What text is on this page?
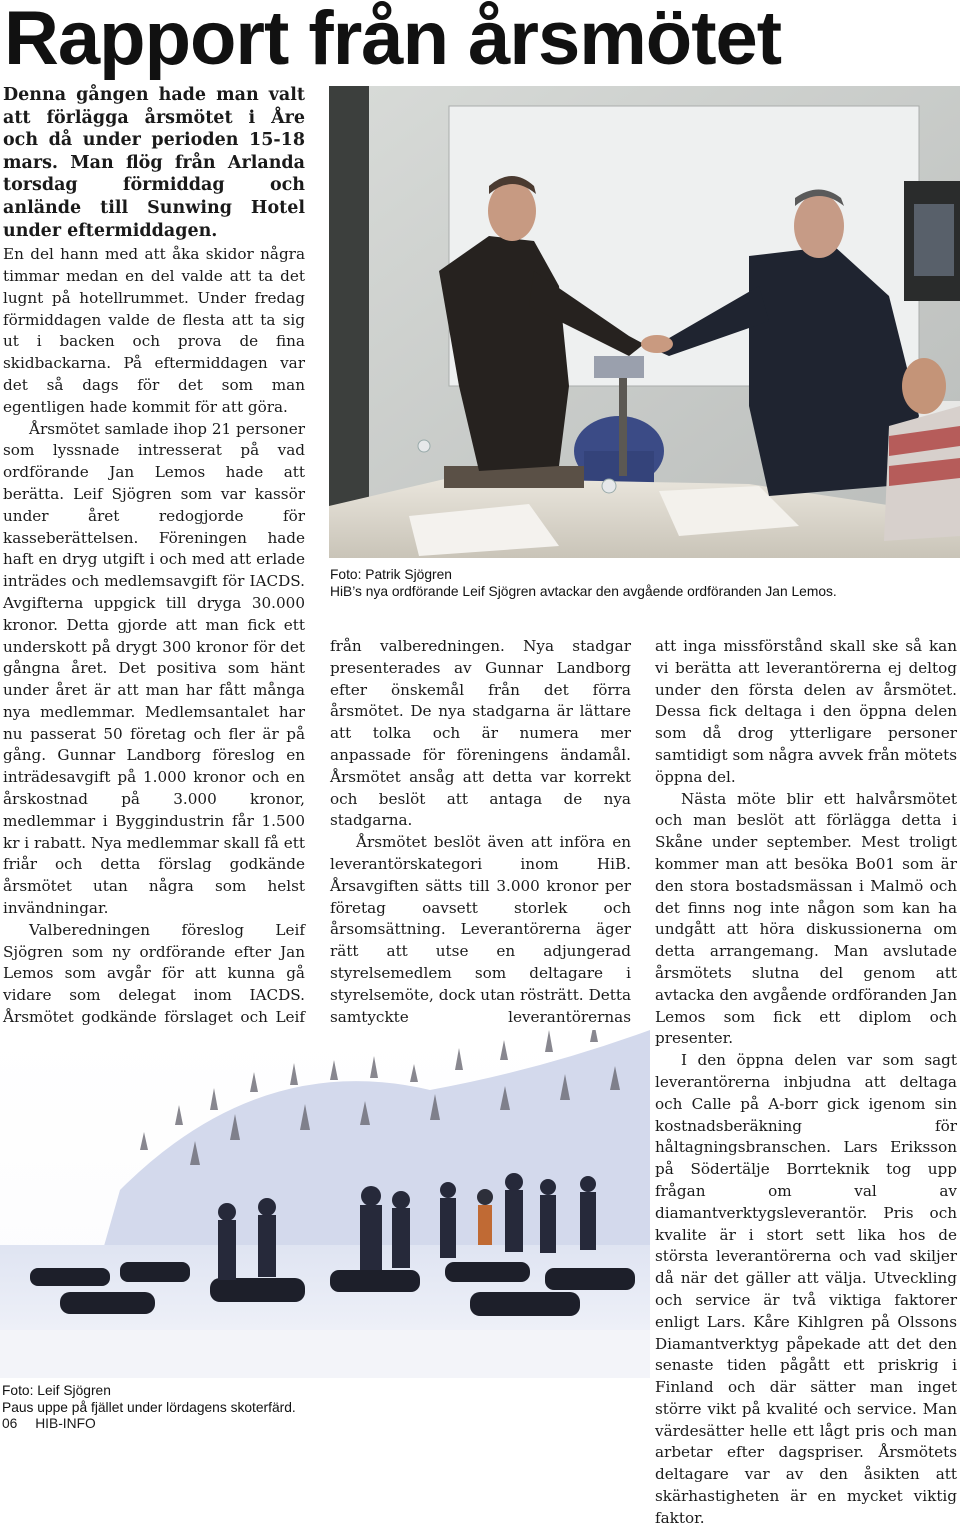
Rapport från årsmötet

Denna gången hade man valt att förlägga årsmötet i Åre och då under perioden 15-18 mars. Man flög från Arlanda torsdag förmiddag och anlände till Sunwing Hotel under eftermiddagen.

En del hann med att åka skidor några timmar medan en del valde att ta det lugnt på hotellrummet. Under fredag förmiddagen valde de flesta att ta sig ut i backen och prova de fina skidbackarna. På eftermiddagen var det så dags för det som man egentligen hade kommit för att göra.

Årsmötet samlade ihop 21 personer som lyssnade intresserat på vad ordförande Jan Lemos hade att berätta. Leif Sjögren som var kassör under året redogjorde för kasseberättelsen. Föreningen hade haft en dryg utgift i och med att erlade inträdes och medlemsavgift för IACDS. Avgifterna uppgick till dryga 30.000 kronor. Detta gjorde att man fick ett underskott på drygt 300 kronor för det gångna året. Det positiva som hänt under året är att man har fått många nya medlemmar. Medlemsantalet har nu passerat 50 företag och fler är på gång. Gunnar Landborg föreslog en inträdesavgift på 1.000 kronor och en årskostnad på 3.000 kronor, medlemmar i Byggindustrin får 1.500 kr i rabatt. Nya medlemmar skall få ett friår och detta förslag godkände årsmötet utan några som helst invändningar.

Valberedningen föreslog Leif Sjögren som ny ordförande efter Jan Lemos som avgår för att kunna gå vidare som delegat inom IACDS. Årsmötet godkände förslaget och Leif

Foto: Patrik Sjögren
HiB’s nya ordförande Leif Sjögren avtackar den avgående ordföranden Jan Lemos.

från valberedningen. Nya stadgar presenterades av Gunnar Landborg efter önskemål från det förra årsmötet. De nya stadgarna är lättare att tolka och är numera mer anpassade för föreningens ändamål. Årsmötet ansåg att detta var korrekt och beslöt att antaga de nya stadgarna.

Årsmötet beslöt även att införa en leverantörskategori inom HiB. Årsavgiften sätts till 3.000 kronor per företag oavsett storlek och årsomsättning. Leverantörerna äger rätt att utse en adjungerad styrelsemedlem som deltagare i styrelsemöte, dock utan rösträtt. Detta samtyckte leverantörernas

att inga missförstånd skall ske så kan vi berätta att leverantörerna ej deltog under den första delen av årsmötet. Dessa fick deltaga i den öppna delen som då drog ytterligare personer samtidigt som några avvek från mötets öppna del.

Nästa möte blir ett halvårsmötet och man beslöt att förlägga detta i Skåne under september. Mest troligt kommer man att besöka Bo01 som är den stora bostadsmässan i Malmö och det finns nog inte någon som kan ha undgått att höra diskussionerna om detta arrangemang. Man avslutade årsmötets slutna del genom att avtacka den avgående ordföranden Jan Lemos som fick ett diplom och presenter.

I den öppna delen var som sagt leverantörerna inbjudna att deltaga och Calle på A-borr gick igenom sin kostnadsberäkning för håltagningsbranschen. Lars Eriksson på Södertälje Borrteknik tog upp frågan om val av diamantverktygsleverantör. Pris och kvalite är i stort sett lika hos de största leverantörerna och vad skiljer då när det gäller att välja. Utveckling och service är två viktiga faktorer enligt Lars. Kåre Kihlgren på Olssons Diamantverktyg påpekade att det den senaste tiden pågått ett priskrig i Finland och där sätter man inget större vikt på kvalité och service. Man värdesätter helle ett lågt pris och man arbetar efter dagspriser. Årsmötets deltagare var av den åsikten att skärhastigheten är en mycket viktig faktor.

Foto: Leif Sjögren
Paus uppe på fjället under lördagens skoterfärd.
06 HIB-INFO
